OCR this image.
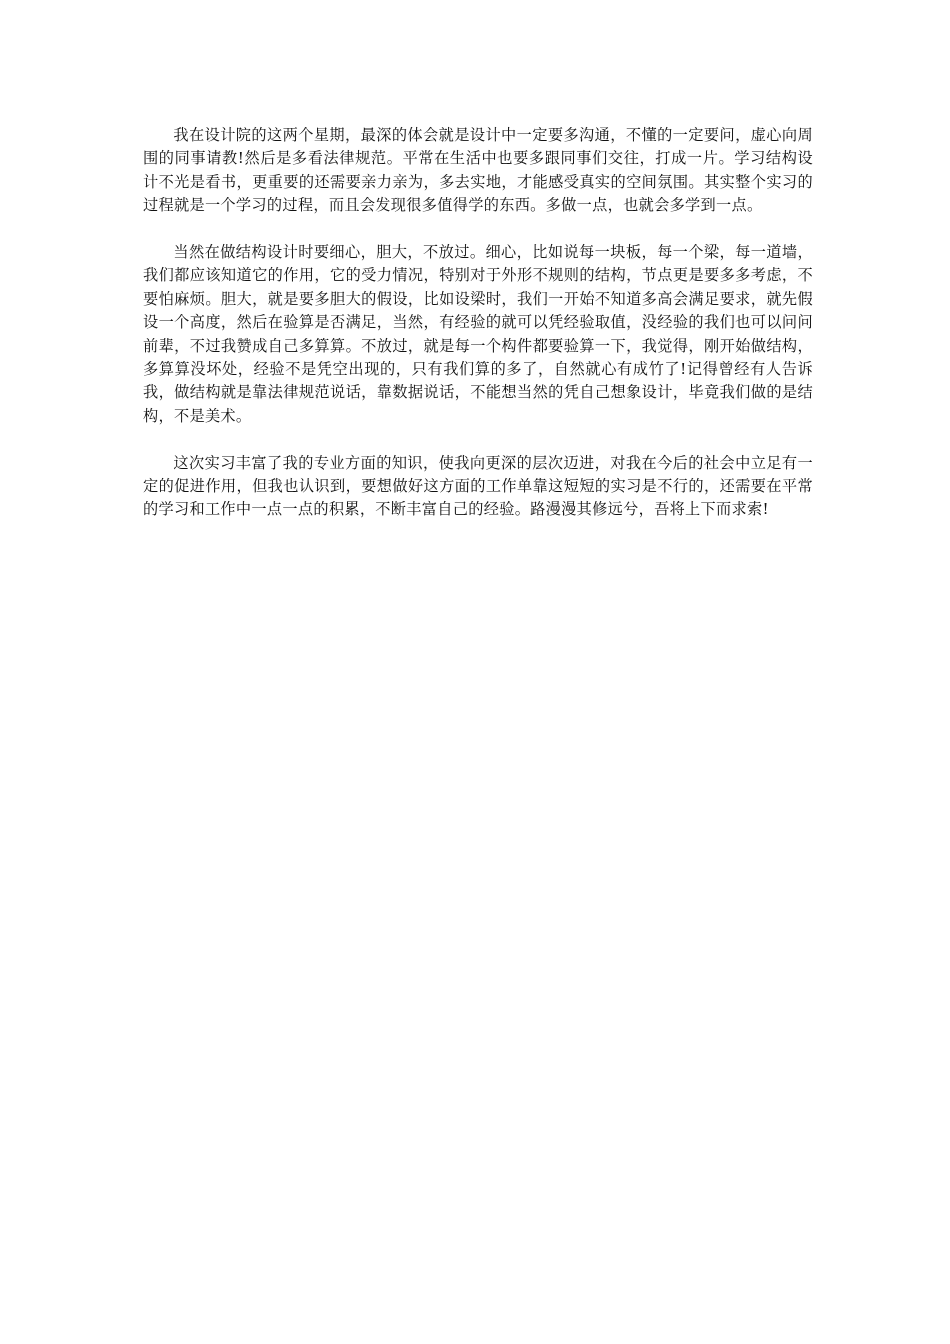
我在设计院的这两个星期，最深的体会就是设计中一定要多沟通，不懂的一定要问，虚心向周围的同事请教!然后是多看法律规范。平常在生活中也要多跟同事们交往，打成一片。学习结构设计不光是看书，更重要的还需要亲力亲为，多去实地，才能感受真实的空间氛围。其实整个实习的过程就是一个学习的过程，而且会发现很多值得学的东西。多做一点，也就会多学到一点。

当然在做结构设计时要细心，胆大，不放过。细心，比如说每一块板，每一个梁，每一道墙，我们都应该知道它的作用，它的受力情况，特别对于外形不规则的结构，节点更是要多多考虑，不要怕麻烦。胆大，就是要多胆大的假设，比如设梁时，我们一开始不知道多高会满足要求，就先假设一个高度，然后在验算是否满足，当然，有经验的就可以凭经验取值，没经验的我们也可以问问前辈，不过我赞成自己多算算。不放过，就是每一个构件都要验算一下，我觉得，刚开始做结构，多算算没坏处，经验不是凭空出现的，只有我们算的多了，自然就心有成竹了!记得曾经有人告诉我，做结构就是靠法律规范说话，靠数据说话，不能想当然的凭自己想象设计，毕竟我们做的是结构，不是美术。

这次实习丰富了我的专业方面的知识，使我向更深的层次迈进，对我在今后的社会中立足有一定的促进作用，但我也认识到，要想做好这方面的工作单靠这短短的实习是不行的，还需要在平常的学习和工作中一点一点的积累，不断丰富自己的经验。路漫漫其修远兮，吾将上下而求索!
